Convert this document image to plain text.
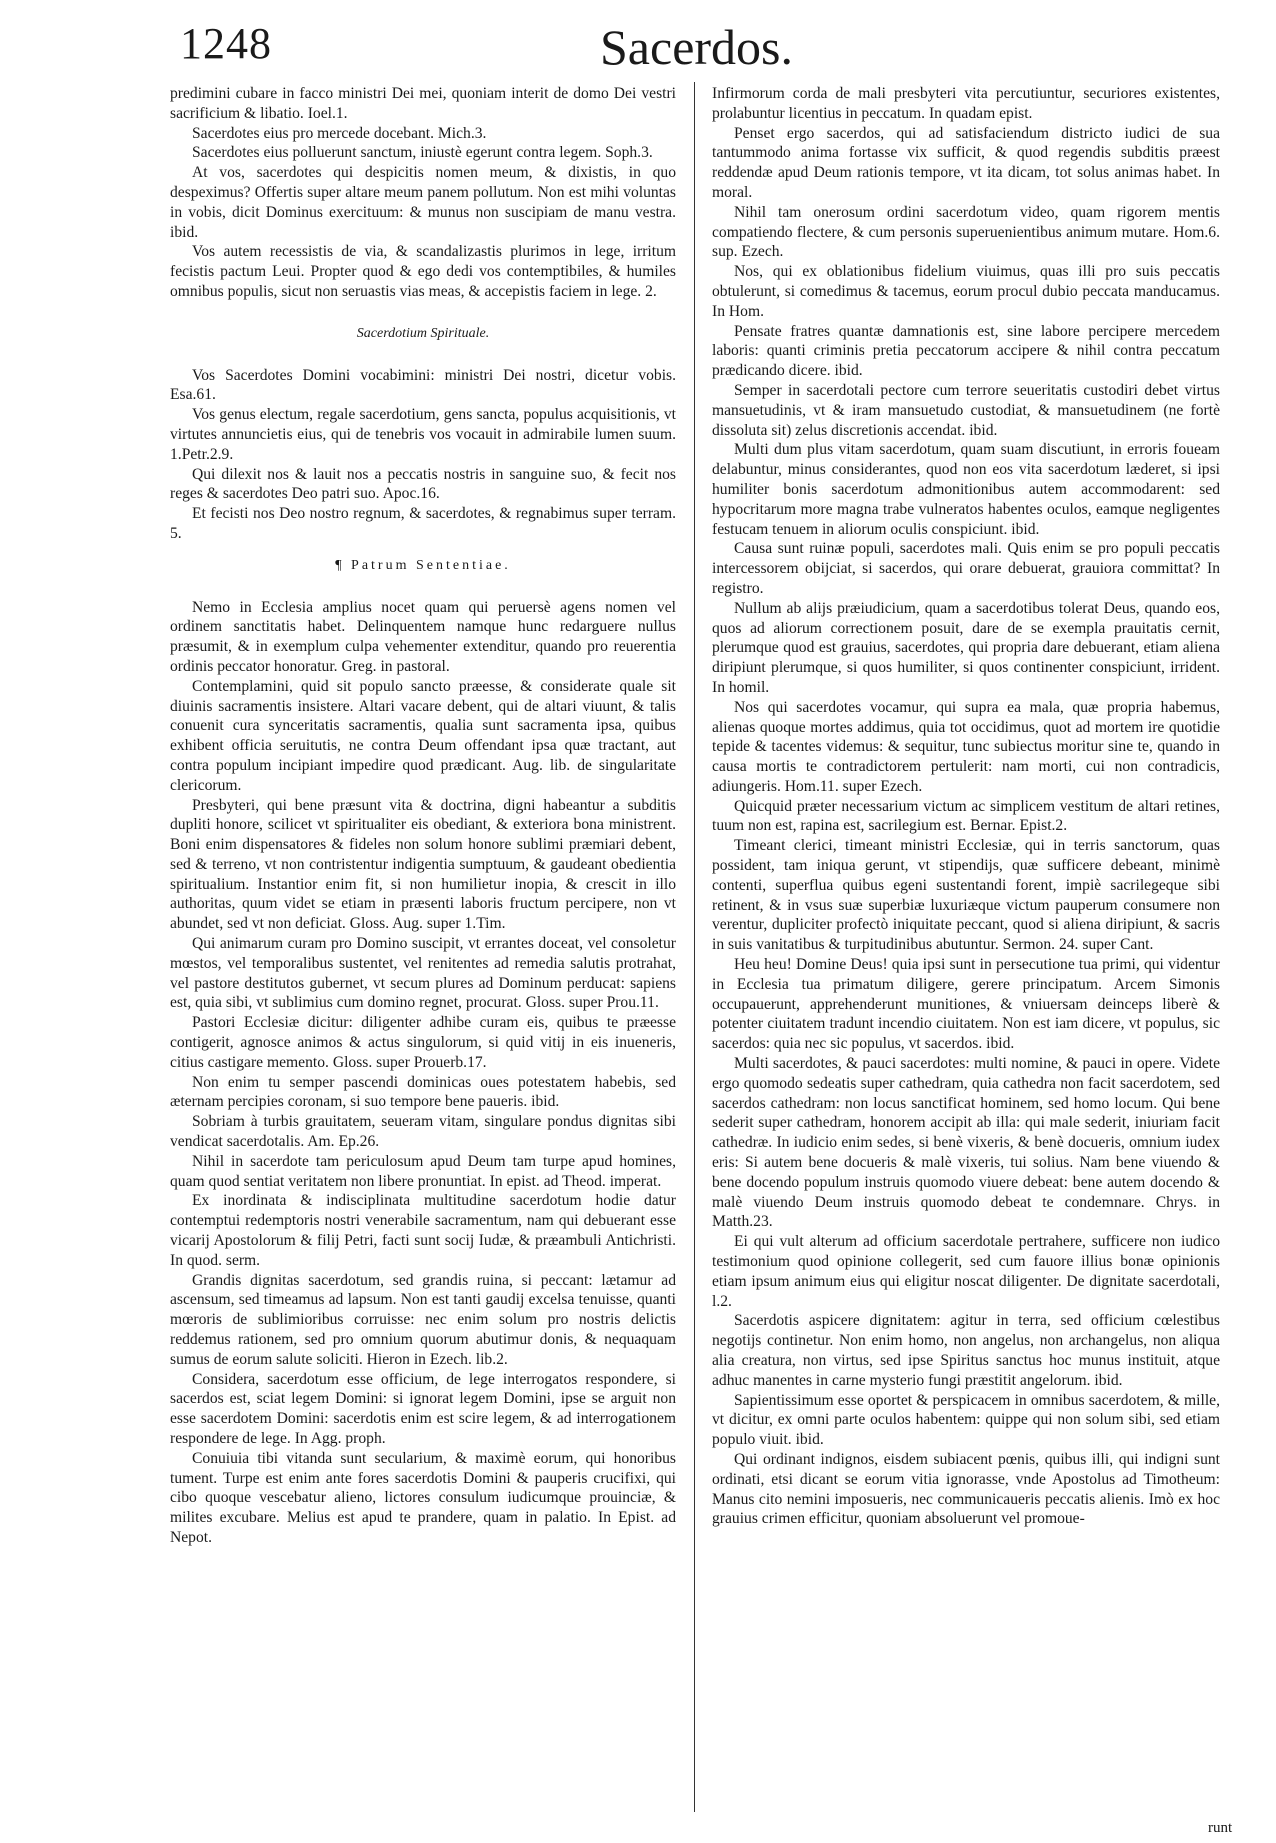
1248	Sacerdos.

predimini cubare in facco ministri Dei mei, quoniam interit de domo Dei vestri sacrificium & libatio. Ioel.1.

Sacerdotes eius pro mercede docebant. Mich.3.

Sacerdotes eius polluerunt sanctum, iniustè egerunt contra legem. Soph.3.

At vos, sacerdotes qui despicitis nomen meum, & dixistis, in quo despeximus? Offertis super altare meum panem pollutum. Non est mihi voluntas in vobis, dicit Dominus exercituum: & munus non suscipiam de manu vestra. ibid.

Vos autem recessistis de via, & scandalizastis plurimos in lege, irritum fecistis pactum Leui. Propter quod & ego dedi vos contemptibiles, & humiles omnibus populis, sicut non seruastis vias meas, & accepistis faciem in lege. 2.

Sacerdotium Spirituale.

Vos Sacerdotes Domini vocabimini: ministri Dei nostri, dicetur vobis. Esa.61.

Vos genus electum, regale sacerdotium, gens sancta, populus acquisitionis, vt virtutes annuncietis eius, qui de tenebris vos vocauit in admirabile lumen suum. 1.Petr.2.9.

Qui dilexit nos & lauit nos a peccatis nostris in sanguine suo, & fecit nos reges & sacerdotes Deo patri suo. Apoc.16.

Et fecisti nos Deo nostro regnum, & sacerdotes, & regnabimus super terram. 5.

¶ Patrum Sententiae.

Nemo in Ecclesia amplius nocet quam qui peruersè agens nomen vel ordinem sanctitatis habet. Delinquentem namque hunc redarguere nullus præsumit, & in exemplum culpa vehementer extenditur, quando pro reuerentia ordinis peccator honoratur. Greg. in pastoral.

Contemplamini, quid sit populo sancto præesse, & considerate quale sit diuinis sacramentis insistere. Altari vacare debent, qui de altari viuunt, & talis conuenit cura synceritatis sacramentis, qualia sunt sacramenta ipsa, quibus exhibent officia seruitutis, ne contra Deum offendant ipsa quæ tractant, aut contra populum incipiant impedire quod prædicant. Aug. lib. de singularitate clericorum.

Presbyteri, qui bene præsunt vita & doctrina, digni habeantur a subditis dupliti honore, scilicet vt spiritualiter eis obediant, & exteriora bona ministrent. Boni enim dispensatores & fideles non solum honore sublimi præmiari debent, sed & terreno, vt non contristentur indigentia sumptuum, & gaudeant obedientia spiritualium. Instantior enim fit, si non humilietur inopia, & crescit in illo authoritas, quum videt se etiam in præsenti laboris fructum percipere, non vt abundet, sed vt non deficiat. Gloss. Aug. super 1.Tim.

Qui animarum curam pro Domino suscipit, vt errantes doceat, vel consoletur mœstos, vel temporalibus sustentet, vel renitentes ad remedia salutis protrahat, vel pastore destitutos gubernet, vt secum plures ad Dominum perducat: sapiens est, quia sibi, vt sublimius cum domino regnet, procurat. Gloss. super Prou.11.

Pastori Ecclesiæ dicitur: diligenter adhibe curam eis, quibus te præesse contigerit, agnosce animos & actus singulorum, si quid vitij in eis inueneris, citius castigare memento. Gloss. super Prouerb.17.

Non enim tu semper pascendi dominicas oues potestatem habebis, sed æternam percipies coronam, si suo tempore bene paueris. ibid.

Sobriam à turbis grauitatem, seueram vitam, singulare pondus dignitas sibi vendicat sacerdotalis. Am. Ep.26.

Nihil in sacerdote tam periculosum apud Deum tam turpe apud homines, quam quod sentiat veritatem non libere pronuntiat. In epist. ad Theod. imperat.

Ex inordinata & indisciplinata multitudine sacerdotum hodie datur contemptui redemptoris nostri venerabile sacramentum, nam qui debuerant esse vicarij Apostolorum & filij Petri, facti sunt socij Iudæ, & præambuli Antichristi. In quod. serm.

Grandis dignitas sacerdotum, sed grandis ruina, si peccant: lætamur ad ascensum, sed timeamus ad lapsum. Non est tanti gaudij excelsa tenuisse, quanti mœroris de sublimioribus corruisse: nec enim solum pro nostris delictis reddemus rationem, sed pro omnium quorum abutimur donis, & nequaquam sumus de eorum salute soliciti. Hieron in Ezech. lib.2.

Considera, sacerdotum esse officium, de lege interrogatos respondere, si sacerdos est, sciat legem Domini: si ignorat legem Domini, ipse se arguit non esse sacerdotem Domini: sacerdotis enim est scire legem, & ad interrogationem respondere de lege. In Agg. proph.

Conuiuia tibi vitanda sunt secularium, & maximè eorum, qui honoribus tument. Turpe est enim ante fores sacerdotis Domini & pauperis crucifixi, qui cibo quoque vescebatur alieno, lictores consulum iudicumque prouinciæ, & milites excubare. Melius est apud te prandere, quam in palatio. In Epist. ad Nepot.

Infirmorum corda de mali presbyteri vita percutiuntur, securiores existentes, prolabuntur licentius in peccatum. In quadam epist.

Penset ergo sacerdos, qui ad satisfaciendum districto iudici de sua tantummodo anima fortasse vix sufficit, & quod regendis subditis præest reddendæ apud Deum rationis tempore, vt ita dicam, tot solus animas habet. In moral.

Nihil tam onerosum ordini sacerdotum video, quam rigorem mentis compatiendo flectere, & cum personis superuenientibus animum mutare. Hom.6. sup. Ezech.

Nos, qui ex oblationibus fidelium viuimus, quas illi pro suis peccatis obtulerunt, si comedimus & tacemus, eorum procul dubio peccata manducamus. In Hom.

Pensate fratres quantæ damnationis est, sine labore percipere mercedem laboris: quanti criminis pretia peccatorum accipere & nihil contra peccatum prædicando dicere. ibid.

Semper in sacerdotali pectore cum terrore seueritatis custodiri debet virtus mansuetudinis, vt & iram mansuetudo custodiat, & mansuetudinem (ne fortè dissoluta sit) zelus discretionis accendat. ibid.

Multi dum plus vitam sacerdotum, quam suam discutiunt, in erroris foueam delabuntur, minus considerantes, quod non eos vita sacerdotum læderet, si ipsi humiliter bonis sacerdotum admonitionibus autem accommodarent: sed hypocritarum more magna trabe vulneratos habentes oculos, eamque negligentes festucam tenuem in aliorum oculis conspiciunt. ibid.

Causa sunt ruinæ populi, sacerdotes mali. Quis enim se pro populi peccatis intercessorem obijciat, si sacerdos, qui orare debuerat, grauiora committat? In registro.

Nullum ab alijs præiudicium, quam a sacerdotibus tolerat Deus, quando eos, quos ad aliorum correctionem posuit, dare de se exempla prauitatis cernit, plerumque quod est grauius, sacerdotes, qui propria dare debuerant, etiam aliena diripiunt plerumque, si quos humiliter, si quos continenter conspiciunt, irrident. In homil.

Nos qui sacerdotes vocamur, qui supra ea mala, quæ propria habemus, alienas quoque mortes addimus, quia tot occidimus, quot ad mortem ire quotidie tepide & tacentes videmus: & sequitur, tunc subiectus moritur sine te, quando in causa mortis te contradictorem pertulerit: nam morti, cui non contradicis, adiungeris. Hom.11. super Ezech.

Quicquid præter necessarium victum ac simplicem vestitum de altari retines, tuum non est, rapina est, sacrilegium est. Bernar. Epist.2.

Timeant clerici, timeant ministri Ecclesiæ, qui in terris sanctorum, quas possident, tam iniqua gerunt, vt stipendijs, quæ sufficere debeant, minimè contenti, superflua quibus egeni sustentandi forent, impiè sacrilegeque sibi retinent, & in vsus suæ superbiæ luxuriæque victum pauperum consumere non verentur, dupliciter profectò iniquitate peccant, quod si aliena diripiunt, & sacris in suis vanitatibus & turpitudinibus abutuntur. Sermon. 24. super Cant.

Heu heu! Domine Deus! quia ipsi sunt in persecutione tua primi, qui videntur in Ecclesia tua primatum diligere, gerere principatum. Arcem Simonis occupauerunt, apprehenderunt munitiones, & vniuersam deinceps liberè & potenter ciuitatem tradunt incendio ciuitatem. Non est iam dicere, vt populus, sic sacerdos: quia nec sic populus, vt sacerdos. ibid.

Multi sacerdotes, & pauci sacerdotes: multi nomine, & pauci in opere. Videte ergo quomodo sedeatis super cathedram, quia cathedra non facit sacerdotem, sed sacerdos cathedram: non locus sanctificat hominem, sed homo locum. Qui bene sederit super cathedram, honorem accipit ab illa: qui male sederit, iniuriam facit cathedræ. In iudicio enim sedes, si benè vixeris, & benè docueris, omnium iudex eris: Si autem bene docueris & malè vixeris, tui solius. Nam bene viuendo & bene docendo populum instruis quomodo viuere debeat: bene autem docendo & malè viuendo Deum instruis quomodo debeat te condemnare. Chrys. in Matth.23.

Ei qui vult alterum ad officium sacerdotale pertrahere, sufficere non iudico testimonium quod opinione collegerit, sed cum fauore illius bonæ opinionis etiam ipsum animum eius qui eligitur noscat diligenter. De dignitate sacerdotali, l.2.

Sacerdotis aspicere dignitatem: agitur in terra, sed officium cœlestibus negotijs continetur. Non enim homo, non angelus, non archangelus, non aliqua alia creatura, non virtus, sed ipse Spiritus sanctus hoc munus instituit, atque adhuc manentes in carne mysterio fungi præstitit angelorum. ibid.

Sapientissimum esse oportet & perspicacem in omnibus sacerdotem, & mille, vt dicitur, ex omni parte oculos habentem: quippe qui non solum sibi, sed etiam populo viuit. ibid.

Qui ordinant indignos, eisdem subiacent pœnis, quibus illi, qui indigni sunt ordinati, etsi dicant se eorum vitia ignorasse, vnde Apostolus ad Timotheum: Manus cito nemini imposueris, nec communicaueris peccatis alienis. Imò ex hoc grauius crimen efficitur, quoniam absoluerunt vel promoue-

runt
